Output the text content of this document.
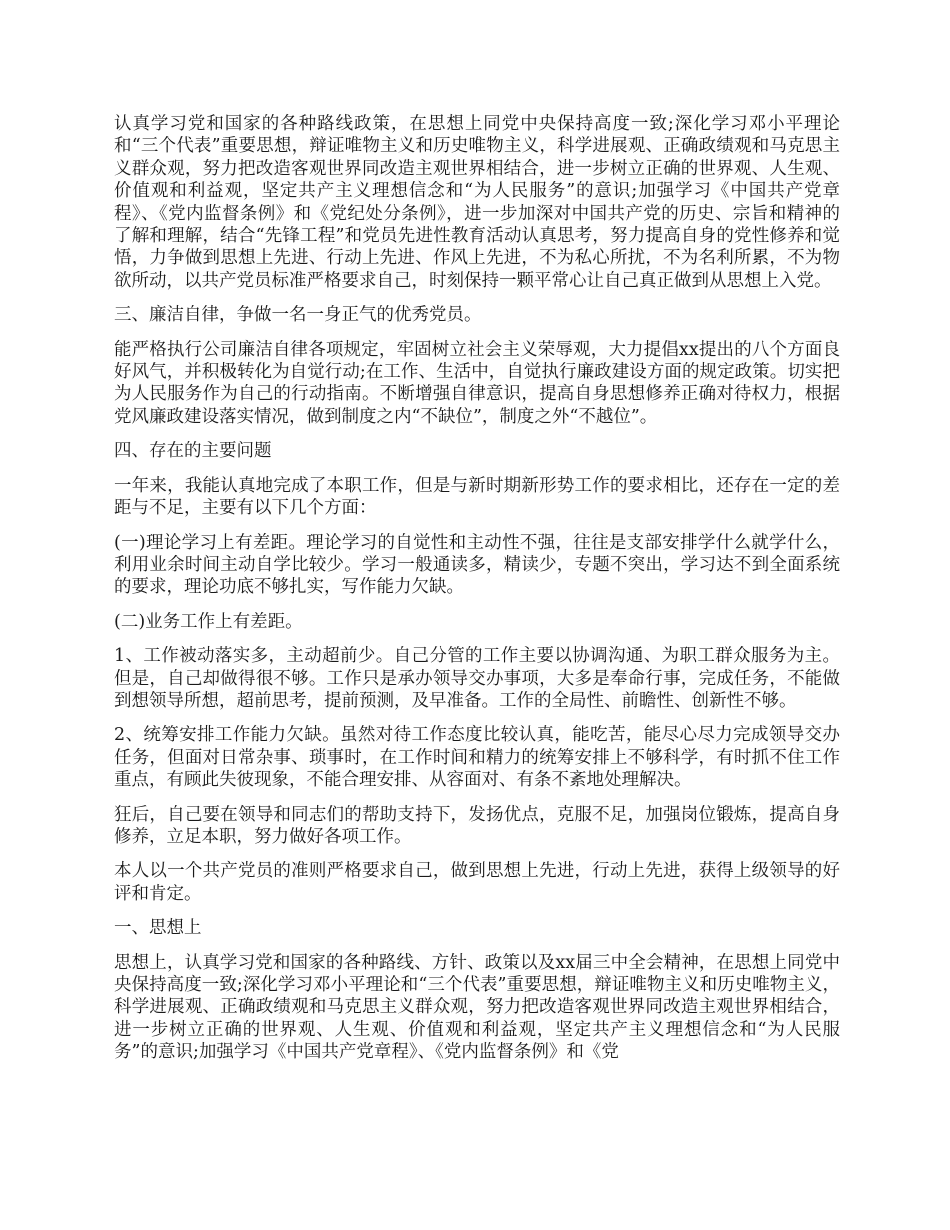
认真学习党和国家的各种路线政策，在思想上同党中央保持高度一致;深化学习邓小平理论和“三个代表”重要思想，辩证唯物主义和历史唯物主义，科学进展观、正确政绩观和马克思主义群众观，努力把改造客观世界同改造主观世界相结合，进一步树立正确的世界观、人生观、价值观和利益观，坚定共产主义理想信念和“为人民服务”的意识;加强学习《中国共产党章程》、《党内监督条例》和《党纪处分条例》，进一步加深对中国共产党的历史、宗旨和精神的了解和理解，结合“先锋工程”和党员先进性教育活动认真思考，努力提高自身的党性修养和觉悟，力争做到思想上先进、行动上先进、作风上先进，不为私心所扰，不为名利所累，不为物欲所动，以共产党员标准严格要求自己，时刻保持一颗平常心让自己真正做到从思想上入党。

三、廉洁自律，争做一名一身正气的优秀党员。

能严格执行公司廉洁自律各项规定，牢固树立社会主义荣辱观，大力提倡xx提出的八个方面良好风气，并积极转化为自觉行动;在工作、生活中，自觉执行廉政建设方面的规定政策。切实把为人民服务作为自己的行动指南。不断增强自律意识，提高自身思想修养正确对待权力，根据党风廉政建设落实情况，做到制度之内“不缺位”，制度之外“不越位”。

四、存在的主要问题

一年来，我能认真地完成了本职工作，但是与新时期新形势工作的要求相比，还存在一定的差距与不足，主要有以下几个方面：

(一)理论学习上有差距。理论学习的自觉性和主动性不强，往往是支部安排学什么就学什么，利用业余时间主动自学比较少。学习一般通读多，精读少，专题不突出，学习达不到全面系统的要求，理论功底不够扎实，写作能力欠缺。

(二)业务工作上有差距。

1、工作被动落实多，主动超前少。自己分管的工作主要以协调沟通、为职工群众服务为主。但是，自己却做得很不够。工作只是承办领导交办事项，大多是奉命行事，完成任务，不能做到想领导所想，超前思考，提前预测，及早准备。工作的全局性、前瞻性、创新性不够。

2、统筹安排工作能力欠缺。虽然对待工作态度比较认真，能吃苦，能尽心尽力完成领导交办任务，但面对日常杂事、琐事时，在工作时间和精力的统筹安排上不够科学，有时抓不住工作重点，有顾此失彼现象，不能合理安排、从容面对、有条不紊地处理解决。

狂后，自己要在领导和同志们的帮助支持下，发扬优点，克服不足，加强岗位锻炼，提高自身修养，立足本职，努力做好各项工作。

本人以一个共产党员的准则严格要求自己，做到思想上先进，行动上先进，获得上级领导的好评和肯定。

一、思想上

思想上，认真学习党和国家的各种路线、方针、政策以及xx届三中全会精神，在思想上同党中央保持高度一致;深化学习邓小平理论和“三个代表”重要思想，辩证唯物主义和历史唯物主义，科学进展观、正确政绩观和马克思主义群众观，努力把改造客观世界同改造主观世界相结合，进一步树立正确的世界观、人生观、价值观和利益观，坚定共产主义理想信念和“为人民服务”的意识;加强学习《中国共产党章程》、《党内监督条例》和《党
